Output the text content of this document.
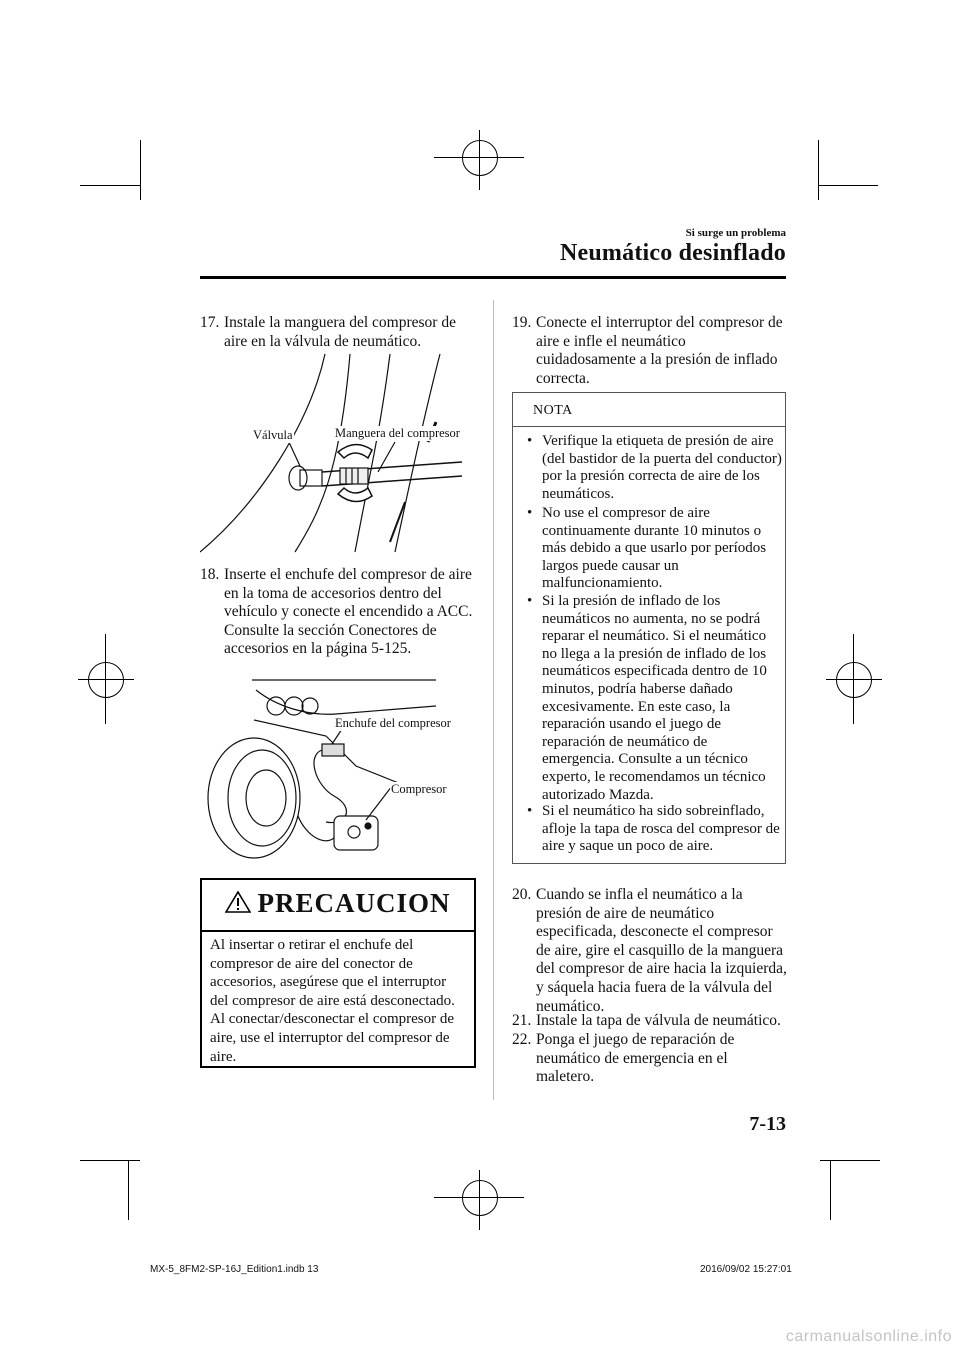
Si surge un problema
Neumático desinflado
17. Instale la manguera del compresor de aire en la válvula de neumático.
Válvula	Manguera del compresor
18. Inserte el enchufe del compresor de aire en la toma de accesorios dentro del vehículo y conecte el encendido a ACC.
Consulte la sección Conectores de accesorios en la página 5-125.
Enchufe del compresor
Compresor
PRECAUCION
Al insertar o retirar el enchufe del compresor de aire del conector de accesorios, asegúrese que el interruptor del compresor de aire está desconectado. Al conectar/desconectar el compresor de aire, use el interruptor del compresor de aire.
19. Conecte el interruptor del compresor de aire e infle el neumático cuidadosamente a la presión de inflado correcta.
NOTA
• Verifique la etiqueta de presión de aire (del bastidor de la puerta del conductor) por la presión correcta de aire de los neumáticos.
• No use el compresor de aire continuamente durante 10 minutos o más debido a que usarlo por períodos largos puede causar un malfuncionamiento.
• Si la presión de inflado de los neumáticos no aumenta, no se podrá reparar el neumático. Si el neumático no llega a la presión de inflado de los neumáticos especificada dentro de 10 minutos, podría haberse dañado excesivamente. En este caso, la reparación usando el juego de reparación de neumático de emergencia. Consulte a un técnico experto, le recomendamos un técnico autorizado Mazda.
• Si el neumático ha sido sobreinflado, afloje la tapa de rosca del compresor de aire y saque un poco de aire.
20. Cuando se infla el neumático a la presión de aire de neumático especificada, desconecte el compresor de aire, gire el casquillo de la manguera del compresor de aire hacia la izquierda, y sáquela hacia fuera de la válvula del neumático.
21. Instale la tapa de válvula de neumático.
22. Ponga el juego de reparación de neumático de emergencia en el maletero.
7-13
MX-5_8FM2-SP-16J_Edition1.indb 13	2016/09/02 15:27:01
carmanualsonline.info
